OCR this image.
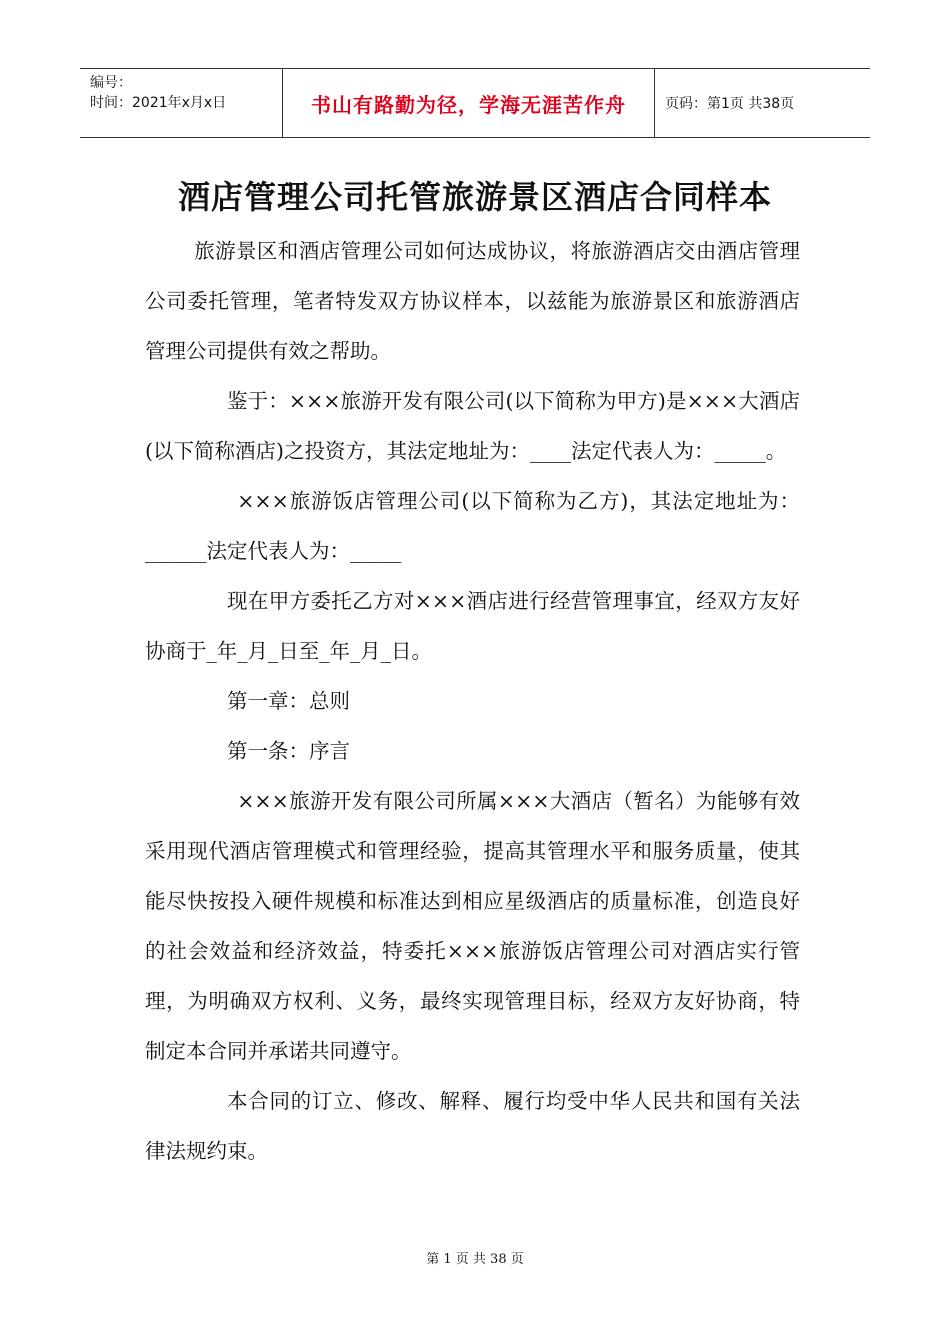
编号：
时间：2021年x月x日	书山有路勤为径，学海无涯苦作舟	页码：第1页 共38页
酒店管理公司托管旅游景区酒店合同样本

旅游景区和酒店管理公司如何达成协议，将旅游酒店交由酒店管理公司委托管理，笔者特发双方协议样本，以兹能为旅游景区和旅游酒店管理公司提供有效之帮助。

鉴于：×××旅游开发有限公司(以下简称为甲方)是×××大酒店(以下简称酒店)之投资方，其法定地址为：____法定代表人为：_____。

×××旅游饭店管理公司(以下简称为乙方)，其法定地址为：______法定代表人为：_____

现在甲方委托乙方对×××酒店进行经营管理事宜，经双方友好协商于_年_月_日至_年_月_日。

第一章：总则

第一条：序言

×××旅游开发有限公司所属×××大酒店（暂名）为能够有效采用现代酒店管理模式和管理经验，提高其管理水平和服务质量，使其能尽快按投入硬件规模和标准达到相应星级酒店的质量标准，创造良好的社会效益和经济效益，特委托×××旅游饭店管理公司对酒店实行管理，为明确双方权利、义务，最终实现管理目标，经双方友好协商，特制定本合同并承诺共同遵守。

本合同的订立、修改、解释、履行均受中华人民共和国有关法律法规约束。

第 1 页 共 38 页
